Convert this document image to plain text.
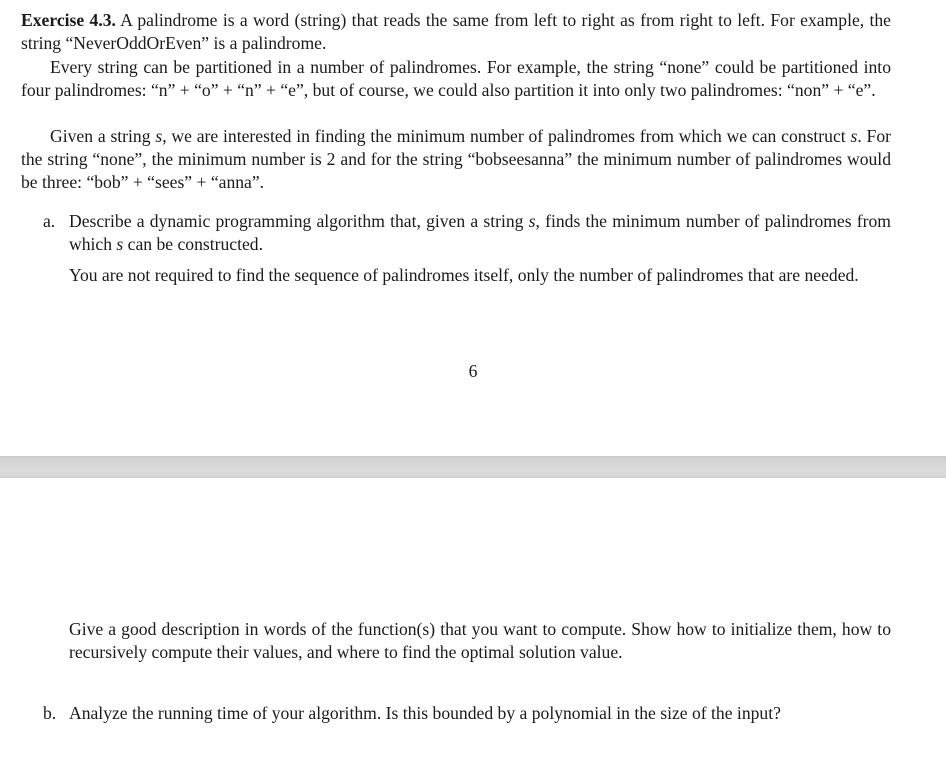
Exercise 4.3. A palindrome is a word (string) that reads the same from left to right as from right to left. For example, the string “NeverOddOrEven” is a palindrome.

Every string can be partitioned in a number of palindromes. For example, the string “none” could be partitioned into four palindromes: “n” + “o” + “n” + “e”, but of course, we could also partition it into only two palindromes: “non” + “e”.

Given a string s, we are interested in finding the minimum number of palindromes from which we can construct s. For the string “none”, the minimum number is 2 and for the string “bobseesanna” the minimum number of palindromes would be three: “bob” + “sees” + “anna”.

a. Describe a dynamic programming algorithm that, given a string s, finds the minimum number of palindromes from which s can be constructed.

You are not required to find the sequence of palindromes itself, only the number of palindromes that are needed.

6

Give a good description in words of the function(s) that you want to compute. Show how to initialize them, how to recursively compute their values, and where to find the optimal solution value.

b. Analyze the running time of your algorithm. Is this bounded by a polynomial in the size of the input?
